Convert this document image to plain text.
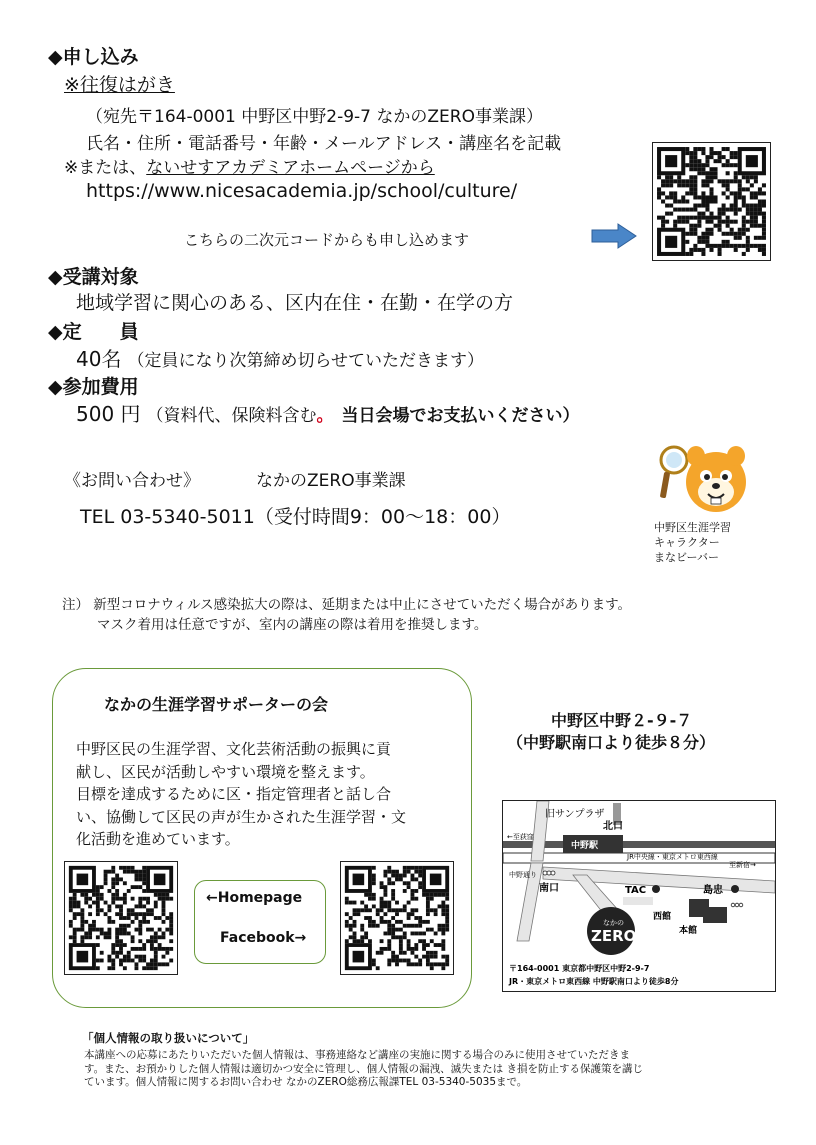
◆申し込み
※往復はがき
（宛先〒164-0001 中野区中野2-9-7 なかのZERO事業課）
氏名・住所・電話番号・年齢・メールアドレス・講座名を記載
※または、ないせすアカデミアホームページから
https://www.nicesacademia.jp/school/culture/
こちらの二次元コードからも申し込めます
◆受講対象
地域学習に関心のある、区内在住・在勤・在学の方
◆定　　員
40名 （定員になり次第締め切らせていただきます）
◆参加費用
500 円 （資料代、保険料含む。 当日会場でお支払いください）
《お問い合わせ》	なかのZERO事業課
TEL 03-5340-5011（受付時間9：00～18：00）	中野区生涯学習
キャラクター
まなビーバー
注） 新型コロナウィルス感染拡大の際は、延期または中止にさせていただく場合があります。
マスク着用は任意ですが、室内の講座の際は着用を推奨します。
なかの生涯学習サポーターの会
中野区民の生涯学習、文化芸術活動の振興に貢
献し、区民が活動しやすい環境を整えます。
目標を達成するために区・指定管理者と話し合
い、協働して区民の声が生かされた生涯学習・文
化活動を進めています。
←Homepage
Facebook→
中野区中野２-９-７
（中野駅南口より徒歩８分）
旧サンプラザ
北口
←至荻窪
中野駅
JR中央線・東京メトロ東西線
至新宿→
中野通り
南口	TAC	島忠
西館
本館
なかの
ZERO
〒164-0001 東京都中野区中野2-9-7
JR・東京メトロ東西線 中野駅南口より徒歩8分
「個人情報の取り扱いについて」
本講座への応募にあたりいただいた個人情報は、事務連絡など講座の実施に関する場合のみに使用させていただきま
す。また、お預かりした個人情報は適切かつ安全に管理し、個人情報の漏洩、滅失または き損を防止する保護策を講じ
ています。個人情報に関するお問い合わせ なかのZERO総務広報課TEL 03-5340-5035まで。
